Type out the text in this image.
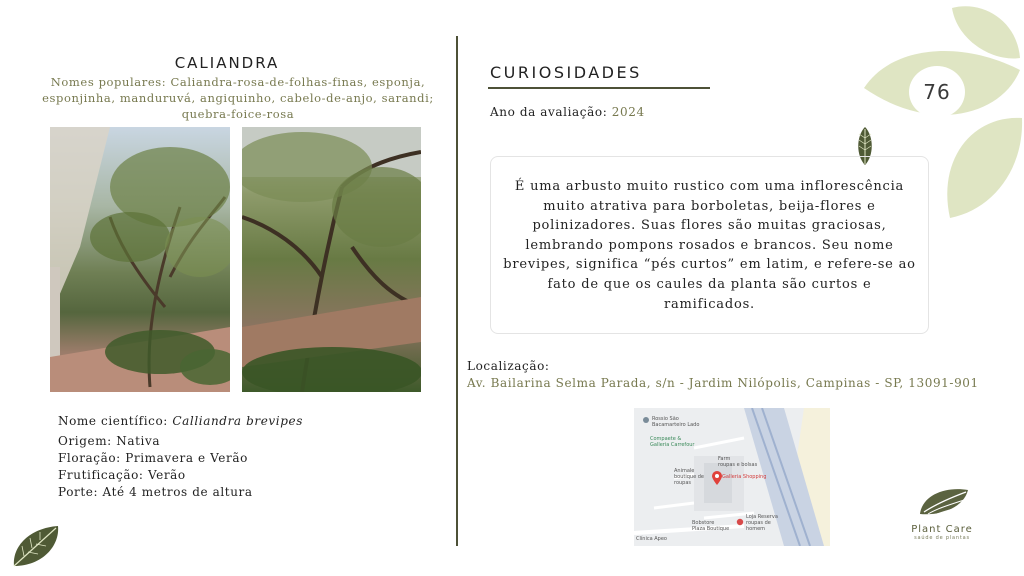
CALIANDRA
Nomes populares: Caliandra-rosa-de-folhas-finas, esponja, esponjinha, manduruvá, angiquinho, cabelo-de-anjo, sarandi; quebra-foice-rosa
Nome científico: Calliandra brevipes
Origem: Nativa
Floração: Primavera e Verão
Frutificação: Verão
Porte: Até 4 metros de altura
CURIOSIDADES
Ano da avaliação: 2024
É uma arbusto muito rustico com uma inflorescência muito atrativa para borboletas, beija-flores e polinizadores. Suas flores são muitas graciosas, lembrando pompons rosados e brancos. Seu nome brevipes, significa “pés curtos” em latim, e refere-se ao fato de que os caules da planta são curtos e ramificados.
Localização:
Av. Bailarina Selma Parada, s/n - Jardim Nilópolis, Campinas - SP, 13091-901
Rossio São
Bacamarteiro Lado
Compaete &
Galleria Carrefour
Farm
roupas e bolsas
Galleria Shopping
Animale
boutique de
roupas
Loja Reserva
roupas de
homem
Bobstore
Plaza Boutique
Clínica Apeo
76
Plant Care
saúde de plantas
